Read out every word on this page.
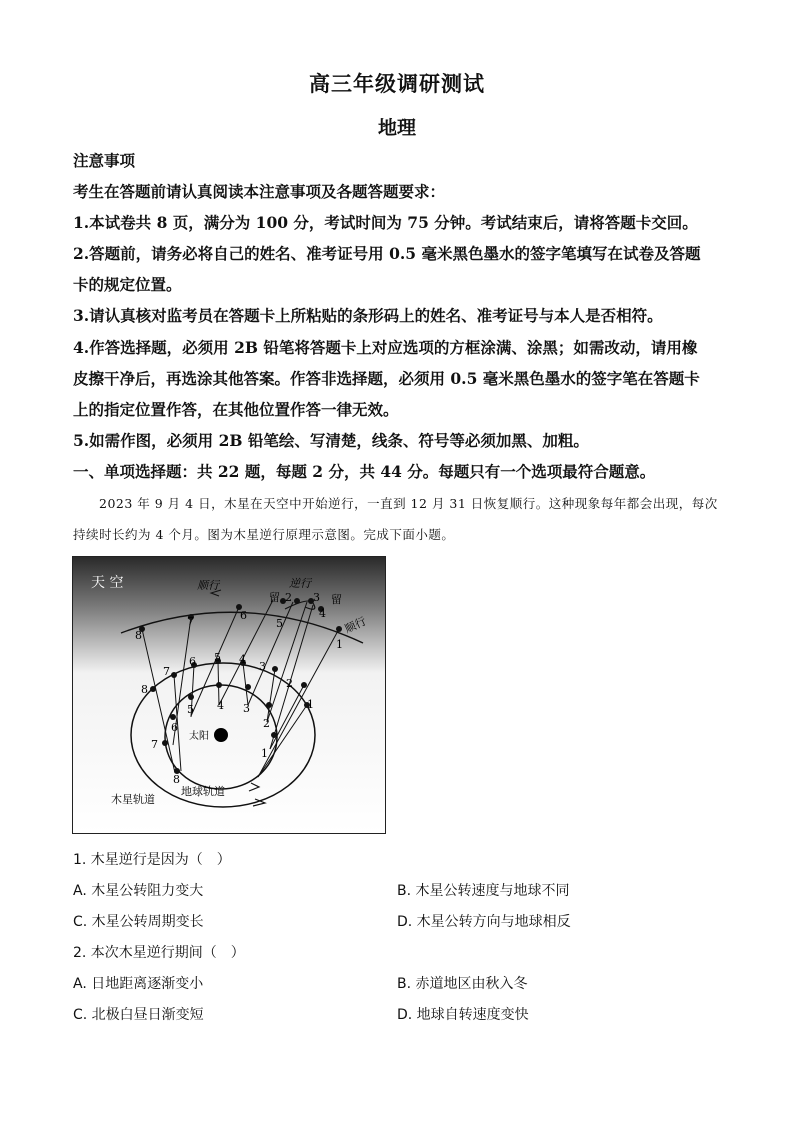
高三年级调研测试
地理
注意事项
考生在答题前请认真阅读本注意事项及各题答题要求：
1.本试卷共 8 页，满分为 100 分，考试时间为 75 分钟。考试结束后，请将答题卡交回。
2.答题前，请务必将自己的姓名、准考证号用 0.5 毫米黑色墨水的签字笔填写在试卷及答题
卡的规定位置。
3.请认真核对监考员在答题卡上所粘贴的条形码上的姓名、准考证号与本人是否相符。
4.作答选择题，必须用 2B 铅笔将答题卡上对应选项的方框涂满、涂黑；如需改动，请用橡
皮擦干净后，再选涂其他答案。作答非选择题，必须用 0.5 毫米黑色墨水的签字笔在答题卡
上的指定位置作答，在其他位置作答一律无效。
5.如需作图，必须用 2B 铅笔绘、写清楚，线条、符号等必须加黑、加粗。
一、单项选择题：共 22 题，每题 2 分，共 44 分。每题只有一个选项最符合题意。
2023 年 9 月 4 日，木星在天空中开始逆行，一直到 12 月 31 日恢复顺行。这种现象每年都会出现，每次持续时长约为 4 个月。图为木星逆行原理示意图。完成下面小题。
天 空	顺行	逆行
留	留
顺行
太阳
地球轨道
木星轨道
8
7	6
5
2 3
4
1
8
7
6 5 4
3
2
1
7
6
5 4 3
2
1
8
1. 木星逆行是因为（　）
A. 木星公转阻力变大	B. 木星公转速度与地球不同
C. 木星公转周期变长	D. 木星公转方向与地球相反
2. 本次木星逆行期间（　）
A. 日地距离逐渐变小	B. 赤道地区由秋入冬
C. 北极白昼日渐变短	D. 地球自转速度变快
